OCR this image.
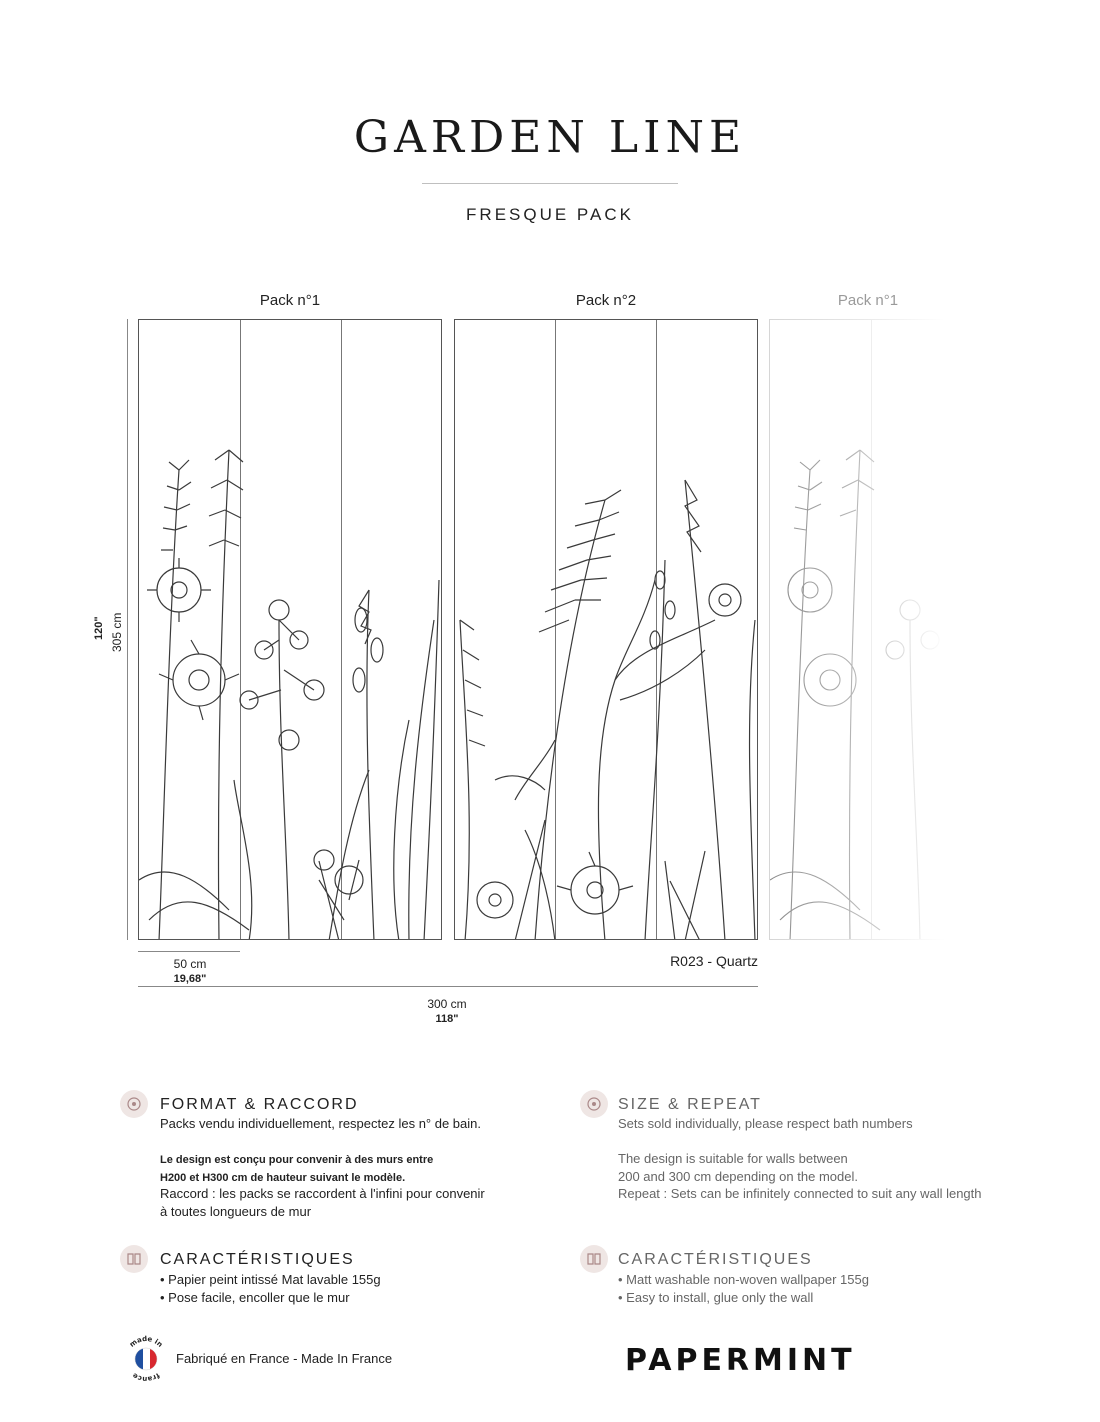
GARDEN LINE
FRESQUE PACK
Pack n°1	Pack n°2	Pack n°1
120" 305 cm
50 cm
19,68"
R023 - Quartz
300 cm
118"
FORMAT & RACCORD
Packs vendu individuellement, respectez les n° de bain.
Le design est conçu pour convenir à des murs entre
H200 et H300 cm de hauteur suivant le modèle.
Raccord : les packs se raccordent à l'infini pour convenir
à toutes longueurs de mur
CARACTÉRISTIQUES
• Papier peint intissé Mat lavable 155g
• Pose facile, encoller que le mur
SIZE & REPEAT
Sets sold individually, please respect bath numbers
The design is suitable for walls between
200 and 300 cm depending on the model.
Repeat : Sets can be infinitely connected to suit any wall length
CARACTÉRISTIQUES
• Matt washable non-woven wallpaper 155g
• Easy to install, glue only the wall
made in
france
Fabriqué en France - Made In France	PAPERMINT
